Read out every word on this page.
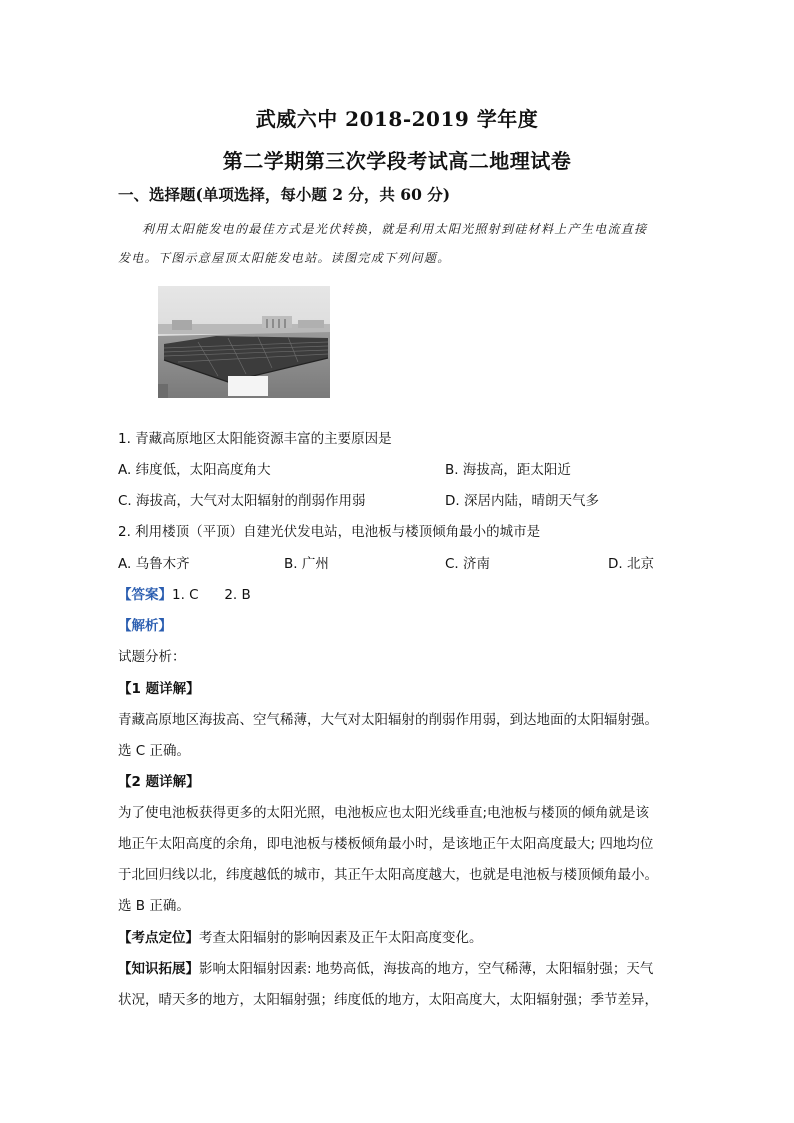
武威六中 2018-2019 学年度
第二学期第三次学段考试高二地理试卷
一、选择题(单项选择，每小题 2 分，共 60 分)
利用太阳能发电的最佳方式是光伏转换，就是利用太阳光照射到硅材料上产生电流直接
发电。下图示意屋顶太阳能发电站。读图完成下列问题。
1. 青藏高原地区太阳能资源丰富的主要原因是
A. 纬度低，太阳高度角大	B. 海拔高，距太阳近
C. 海拔高，大气对太阳辐射的削弱作用弱	D. 深居内陆，晴朗天气多
2. 利用楼顶（平顶）自建光伏发电站，电池板与楼顶倾角最小的城市是
A. 乌鲁木齐	B. 广州	C. 济南	D. 北京
【答案】1. C      2. B
【解析】
试题分析：
【1 题详解】
青藏高原地区海拔高、空气稀薄，大气对太阳辐射的削弱作用弱，到达地面的太阳辐射强。
选 C 正确。
【2 题详解】
为了使电池板获得更多的太阳光照，电池板应也太阳光线垂直;电池板与楼顶的倾角就是该
地正午太阳高度的余角，即电池板与楼板倾角最小时，是该地正午太阳高度最大; 四地均位
于北回归线以北，纬度越低的城市，其正午太阳高度越大，也就是电池板与楼顶倾角最小。
选 B 正确。
【考点定位】考查太阳辐射的影响因素及正午太阳高度变化。
【知识拓展】影响太阳辐射因素: 地势高低，海拔高的地方，空气稀薄，太阳辐射强；天气
状况，晴天多的地方，太阳辐射强；纬度低的地方，太阳高度大，太阳辐射强；季节差异，
